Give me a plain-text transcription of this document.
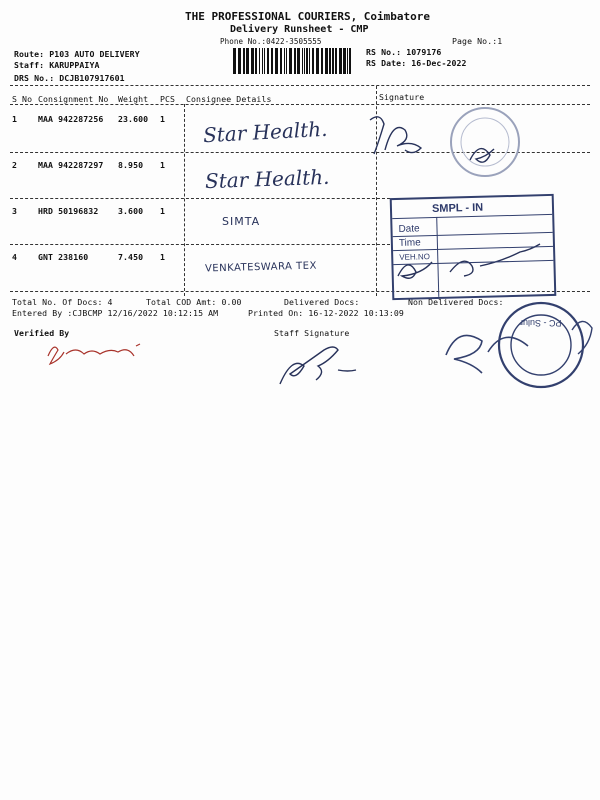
THE PROFESSIONAL COURIERS, Coimbatore
Delivery Runsheet - CMP
Phone No.:0422-3505555	Page No.:1
Route: P103 AUTO DELIVERY
Staff: KARUPPAIYA
DRS No.: DCJB107917601
RS No.: 1079176
RS Date: 16-Dec-2022
S No Consignment No Weight PCS Consignee Details	Signature
1	MAA 942287256 23.600 1 Star Health.
2	MAA 942287297 8.950 1 Star Health.
3	HRD 50196832 3.600 1
SIMTA
4	GNT 238160	7.450 1
VENKATESWARA TEX
Total No. Of Docs: 4	Total COD Amt: 0.00	Delivered Docs:	Non Delivered Docs:
Entered By :CJBCMP 12/16/2022 10:12:15 AM	Printed On: 16-12-2022 10:13:09
Verified By	Staff Signature
PC - Sulur
SMPL - IN
Date
Time
VEH.NO
